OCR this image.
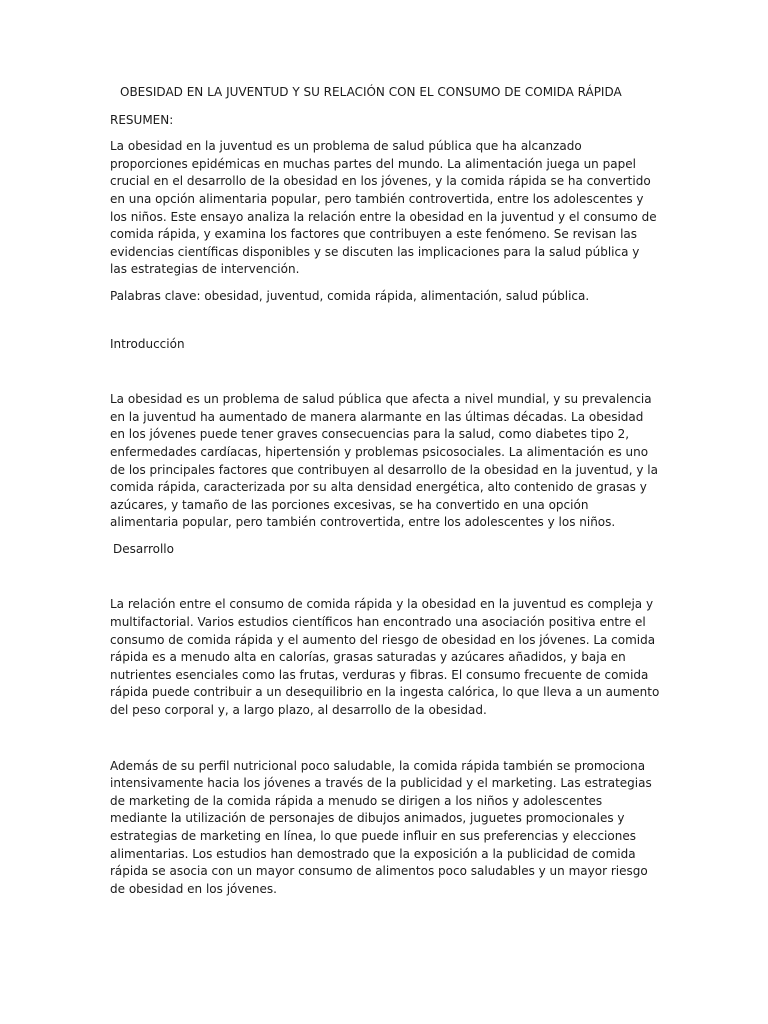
OBESIDAD EN LA JUVENTUD Y SU RELACIÓN CON EL CONSUMO DE COMIDA RÁPIDA
RESUMEN:

La obesidad en la juventud es un problema de salud pública que ha alcanzado proporciones epidémicas en muchas partes del mundo. La alimentación juega un papel crucial en el desarrollo de la obesidad en los jóvenes, y la comida rápida se ha convertido en una opción alimentaria popular, pero también controvertida, entre los adolescentes y los niños. Este ensayo analiza la relación entre la obesidad en la juventud y el consumo de comida rápida, y examina los factores que contribuyen a este fenómeno. Se revisan las evidencias científicas disponibles y se discuten las implicaciones para la salud pública y las estrategias de intervención.

Palabras clave: obesidad, juventud, comida rápida, alimentación, salud pública.

Introducción

La obesidad es un problema de salud pública que afecta a nivel mundial, y su prevalencia en la juventud ha aumentado de manera alarmante en las últimas décadas. La obesidad en los jóvenes puede tener graves consecuencias para la salud, como diabetes tipo 2, enfermedades cardíacas, hipertensión y problemas psicosociales. La alimentación es uno de los principales factores que contribuyen al desarrollo de la obesidad en la juventud, y la comida rápida, caracterizada por su alta densidad energética, alto contenido de grasas y azúcares, y tamaño de las porciones excesivas, se ha convertido en una opción alimentaria popular, pero también controvertida, entre los adolescentes y los niños.

Desarrollo

La relación entre el consumo de comida rápida y la obesidad en la juventud es compleja y multifactorial. Varios estudios científicos han encontrado una asociación positiva entre el consumo de comida rápida y el aumento del riesgo de obesidad en los jóvenes. La comida rápida es a menudo alta en calorías, grasas saturadas y azúcares añadidos, y baja en nutrientes esenciales como las frutas, verduras y fibras. El consumo frecuente de comida rápida puede contribuir a un desequilibrio en la ingesta calórica, lo que lleva a un aumento del peso corporal y, a largo plazo, al desarrollo de la obesidad.

Además de su perfil nutricional poco saludable, la comida rápida también se promociona intensivamente hacia los jóvenes a través de la publicidad y el marketing. Las estrategias de marketing de la comida rápida a menudo se dirigen a los niños y adolescentes mediante la utilización de personajes de dibujos animados, juguetes promocionales y estrategias de marketing en línea, lo que puede influir en sus preferencias y elecciones alimentarias. Los estudios han demostrado que la exposición a la publicidad de comida rápida se asocia con un mayor consumo de alimentos poco saludables y un mayor riesgo de obesidad en los jóvenes.
